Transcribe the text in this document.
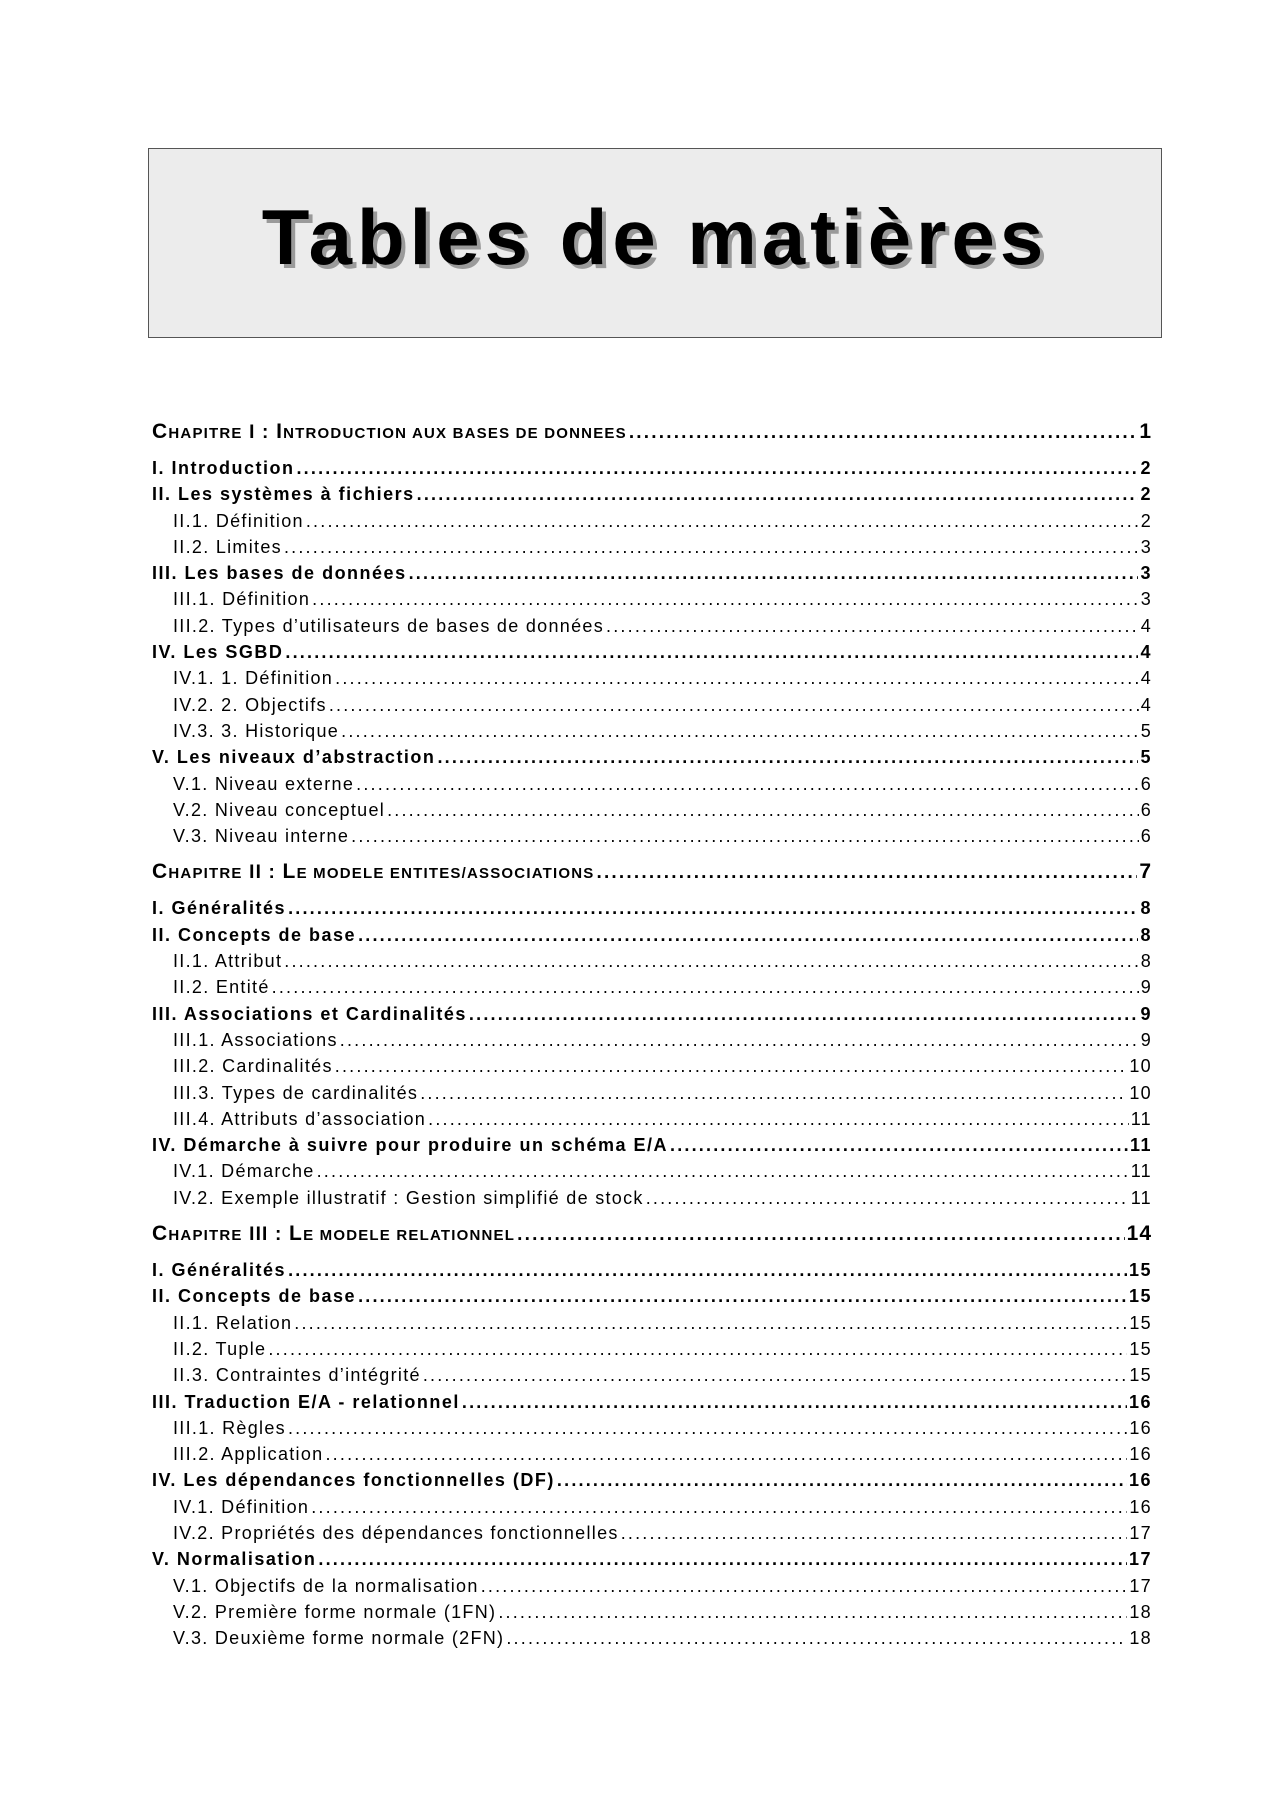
Tables de matières
CHAPITRE I : INTRODUCTION AUX BASES DE DONNEES .....	1
I. Introduction .....	2
II. Les systèmes à fichiers .....	2
II.1. Définition .....	2
II.2. Limites .....	3
III. Les bases de données .....	3
III.1. Définition .....	3
III.2. Types d’utilisateurs de bases de données .....	4
IV. Les SGBD .....	4
IV.1. 1. Définition .....	4
IV.2. 2. Objectifs .....	4
IV.3. 3. Historique .....	5
V. Les niveaux d’abstraction .....	5
V.1. Niveau externe .....	6
V.2. Niveau conceptuel .....	6
V.3. Niveau interne .....	6
CHAPITRE II : LE MODELE ENTITES/ASSOCIATIONS .....	7
I. Généralités .....	8
II. Concepts de base .....	8
II.1. Attribut .....	8
II.2. Entité .....	9
III. Associations et Cardinalités .....	9
III.1. Associations .....	9
III.2. Cardinalités .....	10
III.3. Types de cardinalités .....	10
III.4. Attributs d’association .....	11
IV. Démarche à suivre pour produire un schéma E/A .....	11
IV.1. Démarche .....	11
IV.2. Exemple illustratif : Gestion simplifié de stock .....	11
CHAPITRE III : LE MODELE RELATIONNEL .....	14
I. Généralités .....	15
II. Concepts de base .....	15
II.1. Relation .....	15
II.2. Tuple .....	15
II.3. Contraintes d’intégrité .....	15
III. Traduction E/A - relationnel .....	16
III.1. Règles .....	16
III.2. Application .....	16
IV. Les dépendances fonctionnelles (DF) .....	16
IV.1. Définition .....	16
IV.2. Propriétés des dépendances fonctionnelles .....	17
V. Normalisation .....	17
V.1. Objectifs de la normalisation .....	17
V.2. Première forme normale (1FN) .....	18
V.3. Deuxième forme normale (2FN) .....	18
